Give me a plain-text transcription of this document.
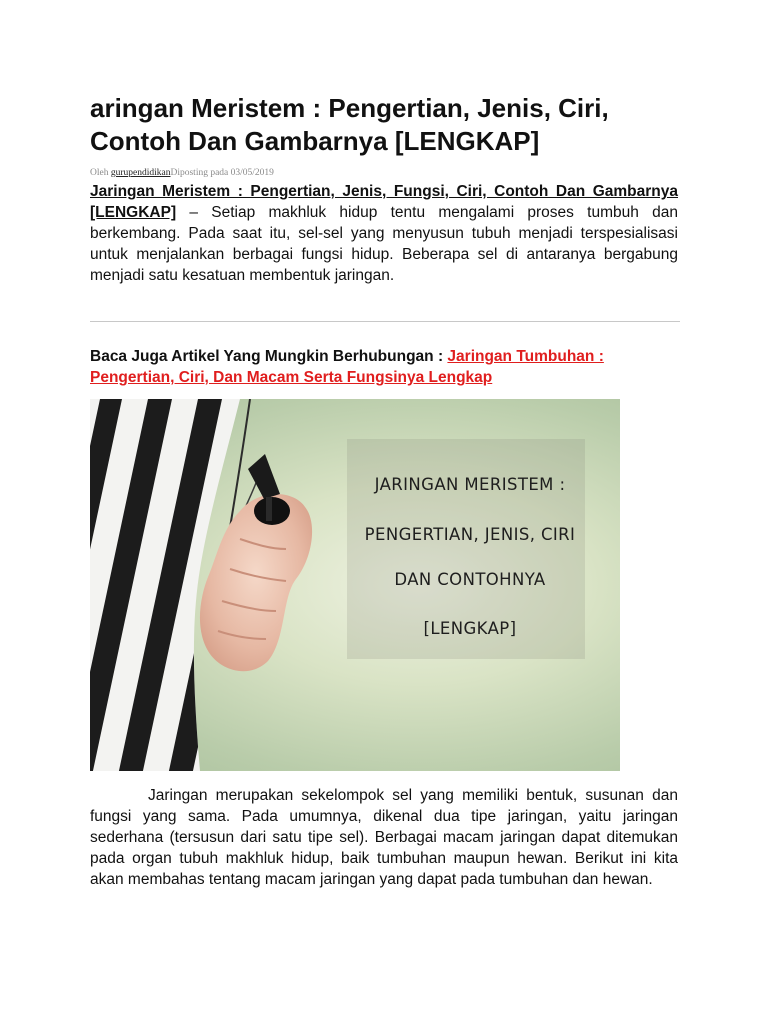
aringan Meristem : Pengertian, Jenis, Ciri,
Contoh Dan Gambarnya [LENGKAP]
Oleh gurupendidikanDiposting pada 03/05/2019

Jaringan Meristem : Pengertian, Jenis, Fungsi, Ciri, Contoh Dan Gambarnya [LENGKAP] – Setiap makhluk hidup tentu mengalami proses tumbuh dan berkembang. Pada saat itu, sel-sel yang menyusun tubuh menjadi terspesialisasi untuk menjalankan berbagai fungsi hidup. Beberapa sel di antaranya bergabung menjadi satu kesatuan membentuk jaringan.

Baca Juga Artikel Yang Mungkin Berhubungan : Jaringan Tumbuhan : Pengertian, Ciri, Dan Macam Serta Fungsinya Lengkap

JARINGAN MERISTEM :
PENGERTIAN, JENIS, CIRI
DAN CONTOHNYA
[LENGKAP]

Jaringan merupakan sekelompok sel yang memiliki bentuk, susunan dan fungsi yang sama. Pada umumnya, dikenal dua tipe jaringan, yaitu jaringan sederhana (tersusun dari satu tipe sel). Berbagai macam jaringan dapat ditemukan pada organ tubuh makhluk hidup, baik tumbuhan maupun hewan. Berikut ini kita akan membahas tentang macam jaringan yang dapat pada tumbuhan dan hewan.
